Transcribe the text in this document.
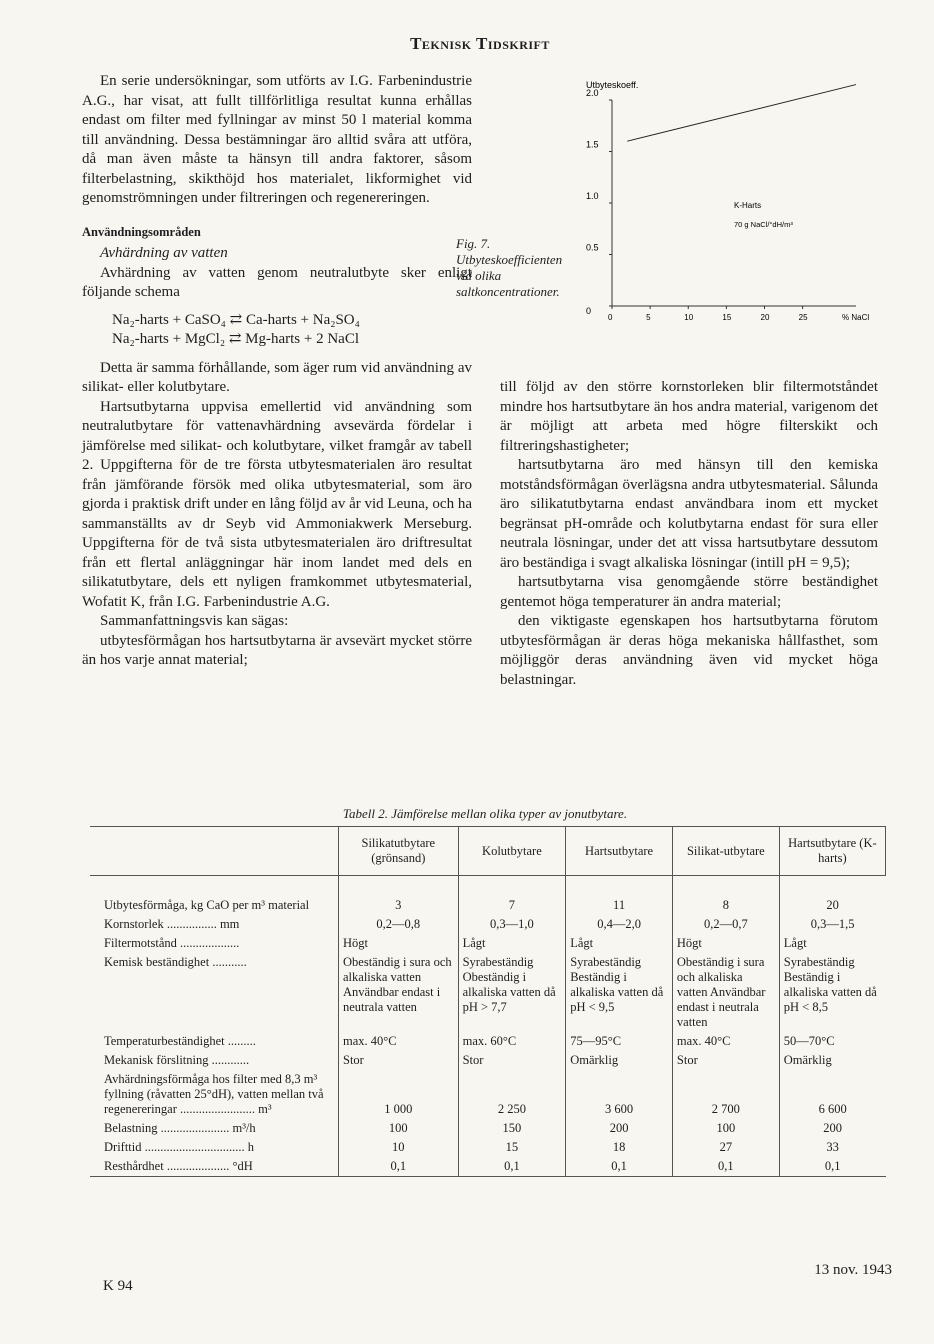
Teknisk Tidskrift

En serie undersökningar, som utförts av I.G. Farbenindustrie A.G., har visat, att fullt tillförlitliga resultat kunna erhållas endast om filter med fyllningar av minst 50 l material komma till användning. Dessa bestämningar äro alltid svåra att utföra, då man även måste ta hänsyn till andra faktorer, såsom filterbelastning, skikthöjd hos materialet, likformighet vid genomströmningen under filtreringen och regenereringen.

Användningsområden

Avhärdning av vatten

Avhärdning av vatten genom neutralutbyte sker enligt följande schema

Na₂-harts + CaSO₄ ⇄ Ca-harts + Na₂SO₄
Na₂-harts + MgCl₂ ⇄ Mg-harts + 2 NaCl

Detta är samma förhållande, som äger rum vid användning av silikat- eller kolutbytare.

Hartsutbytarna uppvisa emellertid vid användning som neutralutbytare för vattenavhärdning avsevärda fördelar i jämförelse med silikat- och kolutbytare, vilket framgår av tabell 2. Uppgifterna för de tre första utbytesmaterialen äro resultat från jämförande försök med olika utbytesmaterial, som äro gjorda i praktisk drift under en lång följd av år vid Leuna, och ha sammanställts av dr Seyb vid Ammoniakwerk Merseburg. Uppgifterna för de två sista utbytesmaterialen äro driftresultat från ett flertal anläggningar här inom landet med dels en silikatutbytare, dels ett nyligen framkommet utbytesmaterial, Wofatit K, från I.G. Farbenindustrie A.G.

Sammanfattningsvis kan sägas:

utbytesförmågan hos hartsutbytarna är avsevärt mycket större än hos varje annat material;

Fig. 7. Utbyteskoefficienten vid olika saltkoncentrationer.
Utbyteskoeff.
% NaCl
0
0.5
1.0
1.5
2.0
0	5	10	15	20	25
K-Harts
70 g NaCl/°dH/m³

till följd av den större kornstorleken blir filtermotståndet mindre hos hartsutbytare än hos andra material, varigenom det är möjligt att arbeta med högre filterskikt och filtreringshastigheter;

hartsutbytarna äro med hänsyn till den kemiska motståndsförmågan överlägsna andra utbytesmaterial. Sålunda äro silikatutbytarna endast användbara inom ett mycket begränsat pH-område och kolutbytarna endast för sura eller neutrala lösningar, under det att vissa hartsutbytare dessutom äro beständiga i svagt alkaliska lösningar (intill pH = 9,5);

hartsutbytarna visa genomgående större beständighet gentemot höga temperaturer än andra material;

den viktigaste egenskapen hos hartsutbytarna förutom utbytesförmågan är deras höga mekaniska hållfasthet, som möjliggör deras användning även vid mycket höga belastningar.

Tabell 2. Jämförelse mellan olika typer av jonutbytare.
	Silikatutbytare (grönsand)	Kolutbytare	Hartsutbytare	Silikat-utbytare	Hartsutbytare (K-harts)
Utbytesförmåga, kg CaO per m³ material	3	7	11	8	20
Kornstorlek ................ mm	0,2—0,8	0,3—1,0	0,4—2,0	0,2—0,7	0,3—1,5
Filtermotstånd ...................	Högt	Lågt	Lågt	Högt	Lågt
Kemisk beständighet ...........	Obeständig i sura och alkaliska vatten Användbar endast i neutrala vatten	Syrabeständig Obeständig i alkaliska vatten då pH > 7,7	Syrabeständig Beständig i alkaliska vatten då pH < 9,5	Obeständig i sura och alkaliska vatten Användbar endast i neutrala vatten	Syrabeständig Beständig i alkaliska vatten då pH < 8,5
Temperaturbeständighet .........	max. 40°C	max. 60°C	75—95°C	max. 40°C	50—70°C
Mekanisk förslitning ............	Stor	Stor	Omärklig	Stor	Omärklig
Avhärdningsförmåga hos filter med 8,3 m³ fyllning (råvatten 25°dH), vatten mellan två regenereringar ........................ m³	1 000	2 250	3 600	2 700	6 600
Belastning ...................... m³/h	100	150	200	100	200
Drifttid ................................ h	10	15	18	27	33
Resthårdhet .................... °dH	0,1	0,1	0,1	0,1	0,1
K 94
13 nov. 1943
